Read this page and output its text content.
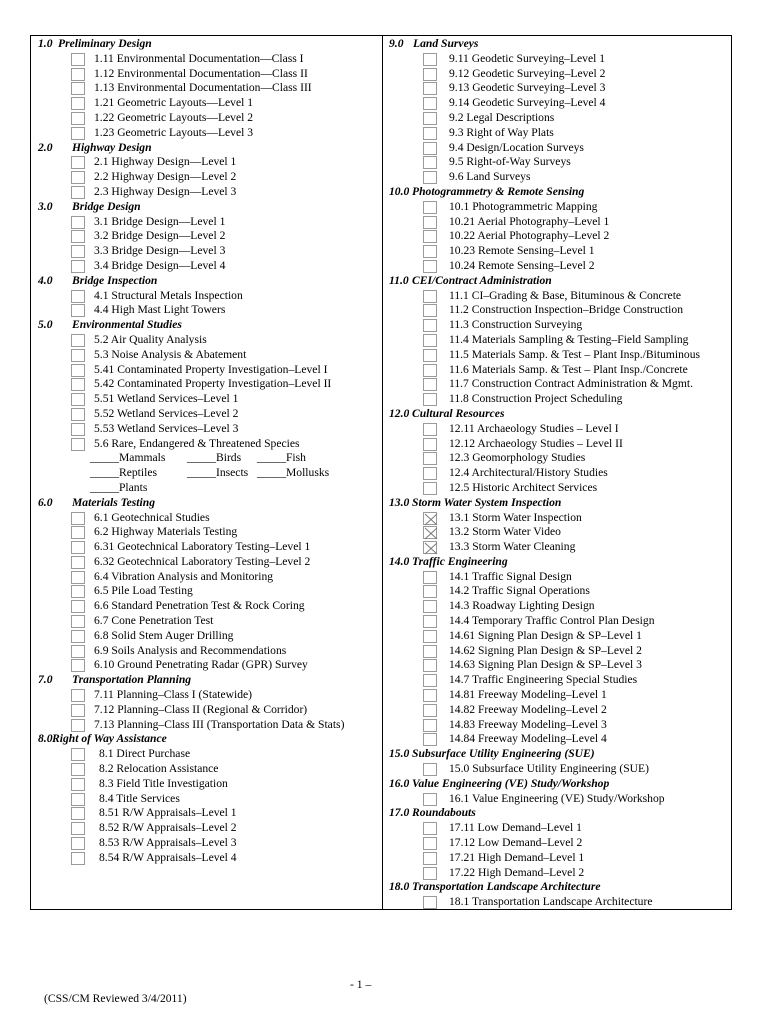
1.0 Preliminary Design
1.11 Environmental Documentation—Class I
1.12 Environmental Documentation—Class II
1.13 Environmental Documentation—Class III
1.21 Geometric Layouts—Level 1
1.22 Geometric Layouts—Level 2
1.23 Geometric Layouts—Level 3
2.0 Highway Design
2.1 Highway Design—Level 1
2.2 Highway Design—Level 2
2.3 Highway Design—Level 3
3.0 Bridge Design
3.1 Bridge Design—Level 1
3.2 Bridge Design—Level 2
3.3 Bridge Design—Level 3
3.4 Bridge Design—Level 4
4.0 Bridge Inspection
4.1 Structural Metals Inspection
4.4 High Mast Light Towers
5.0 Environmental Studies
5.2 Air Quality Analysis
5.3 Noise Analysis & Abatement
5.41 Contaminated Property Investigation–Level I
5.42 Contaminated Property Investigation–Level II
5.51 Wetland Services–Level 1
5.52 Wetland Services–Level 2
5.53 Wetland Services–Level 3
5.6 Rare, Endangered & Threatened Species
_____Mammals _____Birds _____Fish
_____Reptiles	_____Insects _____Mollusks
_____Plants
6.0 Materials Testing
6.1 Geotechnical Studies
6.2 Highway Materials Testing
6.31 Geotechnical Laboratory Testing–Level 1
6.32 Geotechnical Laboratory Testing–Level 2
6.4 Vibration Analysis and Monitoring
6.5 Pile Load Testing
6.6 Standard Penetration Test & Rock Coring
6.7 Cone Penetration Test
6.8 Solid Stem Auger Drilling
6.9 Soils Analysis and Recommendations
6.10 Ground Penetrating Radar (GPR) Survey
7.0 Transportation Planning
7.11 Planning–Class I (Statewide)
7.12 Planning–Class II (Regional & Corridor)
7.13 Planning–Class III (Transportation Data & Stats)
8.0 Right of Way Assistance
8.1 Direct Purchase
8.2 Relocation Assistance
8.3 Field Title Investigation
8.4 Title Services
8.51 R/W Appraisals–Level 1
8.52 R/W Appraisals–Level 2
8.53 R/W Appraisals–Level 3
8.54 R/W Appraisals–Level 4
9.0 Land Surveys
9.11 Geodetic Surveying–Level 1
9.12 Geodetic Surveying–Level 2
9.13 Geodetic Surveying–Level 3
9.14 Geodetic Surveying–Level 4
9.2 Legal Descriptions
9.3 Right of Way Plats
9.4 Design/Location Surveys
9.5 Right-of-Way Surveys
9.6 Land Surveys
10.0 Photogrammetry & Remote Sensing
10.1 Photogrammetric Mapping
10.21 Aerial Photography–Level 1
10.22 Aerial Photography–Level 2
10.23 Remote Sensing–Level 1
10.24 Remote Sensing–Level 2
11.0 CEI/Contract Administration
11.1 CI–Grading & Base, Bituminous & Concrete
11.2 Construction Inspection–Bridge Construction
11.3 Construction Surveying
11.4 Materials Sampling & Testing–Field Sampling
11.5 Materials Samp. & Test – Plant Insp./Bituminous
11.6 Materials Samp. & Test – Plant Insp./Concrete
11.7 Construction Contract Administration & Mgmt.
11.8 Construction Project Scheduling
12.0 Cultural Resources
12.11 Archaeology Studies – Level I
12.12 Archaeology Studies – Level II
12.3 Geomorphology Studies
12.4 Architectural/History Studies
12.5 Historic Architect Services
13.0 Storm Water System Inspection
13.1 Storm Water Inspection
13.2 Storm Water Video
13.3 Storm Water Cleaning
14.0 Traffic Engineering
14.1 Traffic Signal Design
14.2 Traffic Signal Operations
14.3 Roadway Lighting Design
14.4 Temporary Traffic Control Plan Design
14.61 Signing Plan Design & SP–Level 1
14.62 Signing Plan Design & SP–Level 2
14.63 Signing Plan Design & SP–Level 3
14.7 Traffic Engineering Special Studies
14.81 Freeway Modeling–Level 1
14.82 Freeway Modeling–Level 2
14.83 Freeway Modeling–Level 3
14.84 Freeway Modeling–Level 4
15.0 Subsurface Utility Engineering (SUE)
15.0 Subsurface Utility Engineering (SUE)
16.0 Value Engineering (VE) Study/Workshop
16.1 Value Engineering (VE) Study/Workshop
17.0 Roundabouts
17.11 Low Demand–Level 1
17.12 Low Demand–Level 2
17.21 High Demand–Level 1
17.22 High Demand–Level 2
18.0 Transportation Landscape Architecture
18.1 Transportation Landscape Architecture
- 1 –
(CSS/CM Reviewed 3/4/2011)
